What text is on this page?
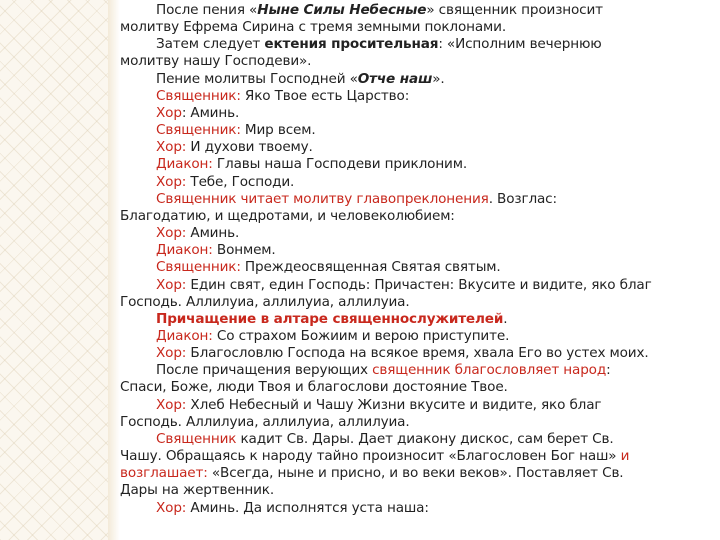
После пения «Ныне Силы Небесные» священник произносит

молитву Ефрема Сирина с тремя земными поклонами.

Затем следует ектения просительная: «Исполним вечернюю

молитву нашу Господеви».

Пение молитвы Господней «Отче наш».

Священник: Яко Твое есть Царство:

Хор: Аминь.

Священник: Мир всем.

Хор: И духови твоему.

Диакон: Главы наша Господеви приклоним.

Хор: Тебе, Господи.

Священник читает молитву главопреклонения. Возглас:

Благодатию, и щедротами, и человеколюбием:

Хор: Аминь.

Диакон: Вонмем.

Священник: Преждеосвященная Святая святым.

Хор: Един свят, един Господь: Причастен: Вкусите и видите, яко благ

Господь. Аллилуиа, аллилуиа, аллилуиа.

Причащение в алтаре священнослужителей.

Диакон: Со страхом Божиим и верою приступите.

Хор: Благословлю Господа на всякое время, хвала Его во устех моих.

После причащения верующих священник благословляет народ:

Спаси, Боже, люди Твоя и благослови достояние Твое.

Хор: Хлеб Небесный и Чашу Жизни вкусите и видите, яко благ

Господь. Аллилуиа, аллилуиа, аллилуиа.

Священник кадит Св. Дары. Дает диакону дискос, сам берет Св.

Чашу. Обращаясь к народу тайно произносит «Благословен Бог наш» и

возглашает: «Всегда, ныне и присно, и во веки веков». Поставляет Св.

Дары на жертвенник.

Хор: Аминь. Да исполнятся уста наша:
